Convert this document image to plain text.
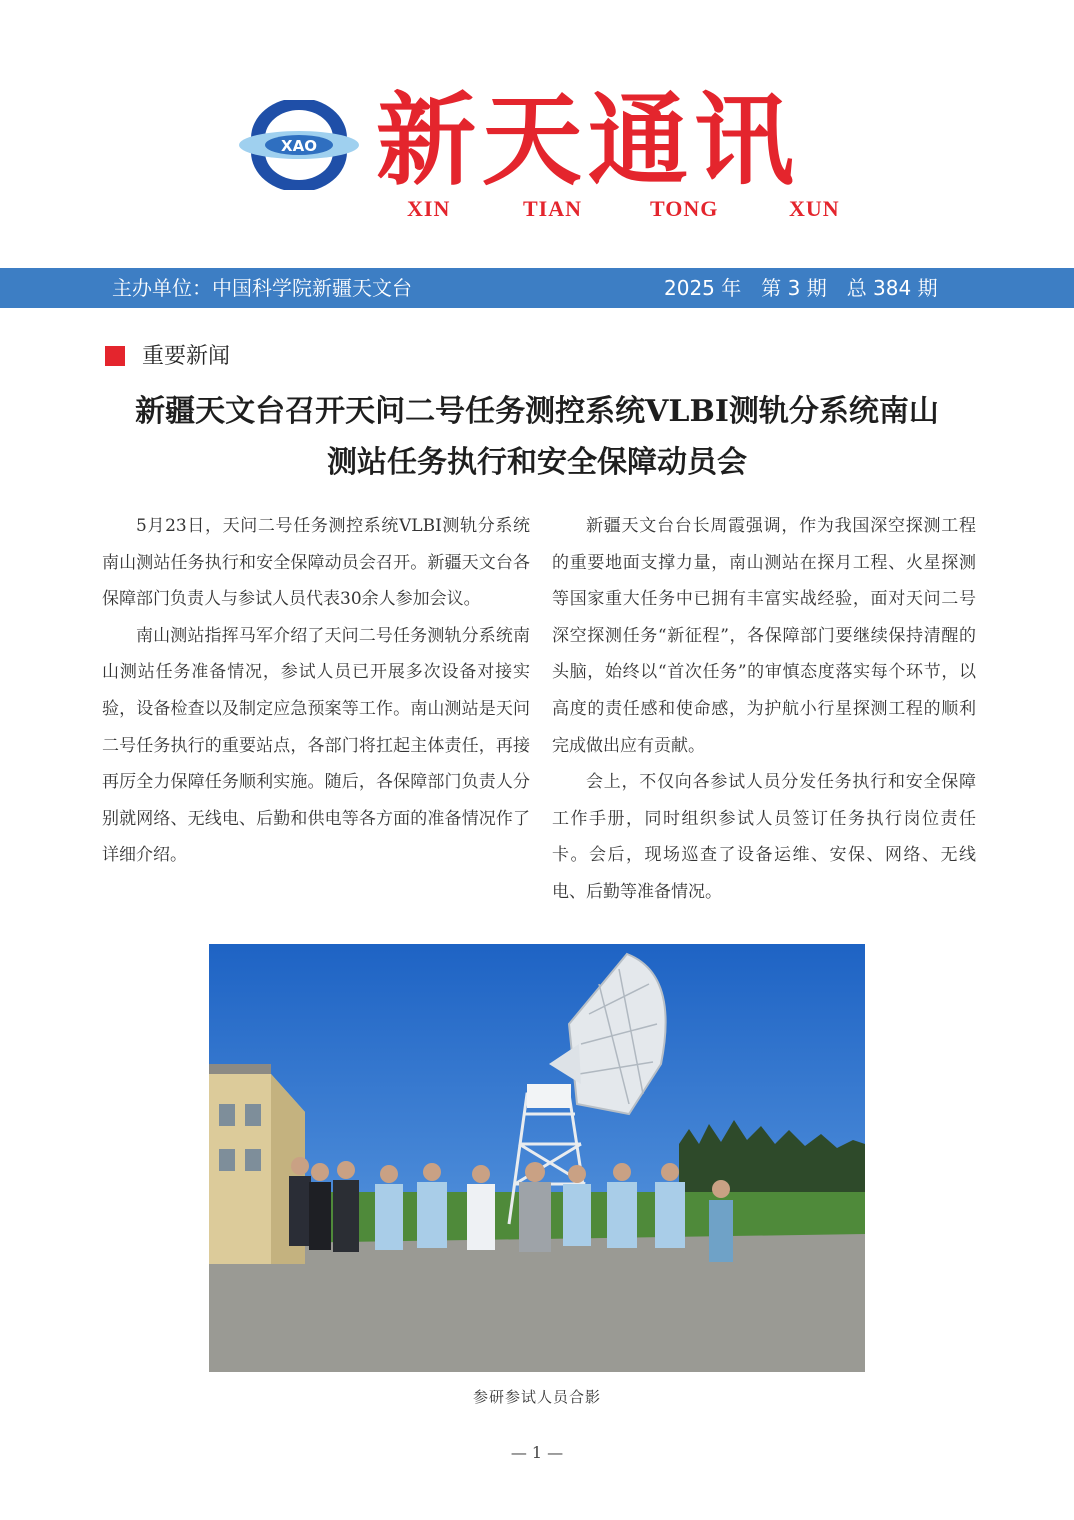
XAO 新天通讯
XIN	TIAN	TONG	XUN
主办单位：中国科学院新疆天文台	2025 年　第 3 期　总 384 期
重要新闻
新疆天文台召开天问二号任务测控系统VLBI测轨分系统南山
测站任务执行和安全保障动员会

5月23日，天问二号任务测控系统VLBI测轨分系统南山测站任务执行和安全保障动员会召开。新疆天文台各保障部门负责人与参试人员代表30余人参加会议。

南山测站指挥马军介绍了天问二号任务测轨分系统南山测站任务准备情况，参试人员已开展多次设备对接实验，设备检查以及制定应急预案等工作。南山测站是天问二号任务执行的重要站点，各部门将扛起主体责任，再接再厉全力保障任务顺利实施。随后，各保障部门负责人分别就网络、无线电、后勤和供电等各方面的准备情况作了详细介绍。

新疆天文台台长周霞强调，作为我国深空探测工程的重要地面支撑力量，南山测站在探月工程、火星探测等国家重大任务中已拥有丰富实战经验，面对天问二号深空探测任务“新征程”，各保障部门要继续保持清醒的头脑，始终以“首次任务”的审慎态度落实每个环节，以高度的责任感和使命感，为护航小行星探测工程的顺利完成做出应有贡献。

会上，不仅向各参试人员分发任务执行和安全保障工作手册，同时组织参试人员签订任务执行岗位责任卡。会后，现场巡查了设备运维、安保、网络、无线电、后勤等准备情况。

参研参试人员合影
— 1 —
